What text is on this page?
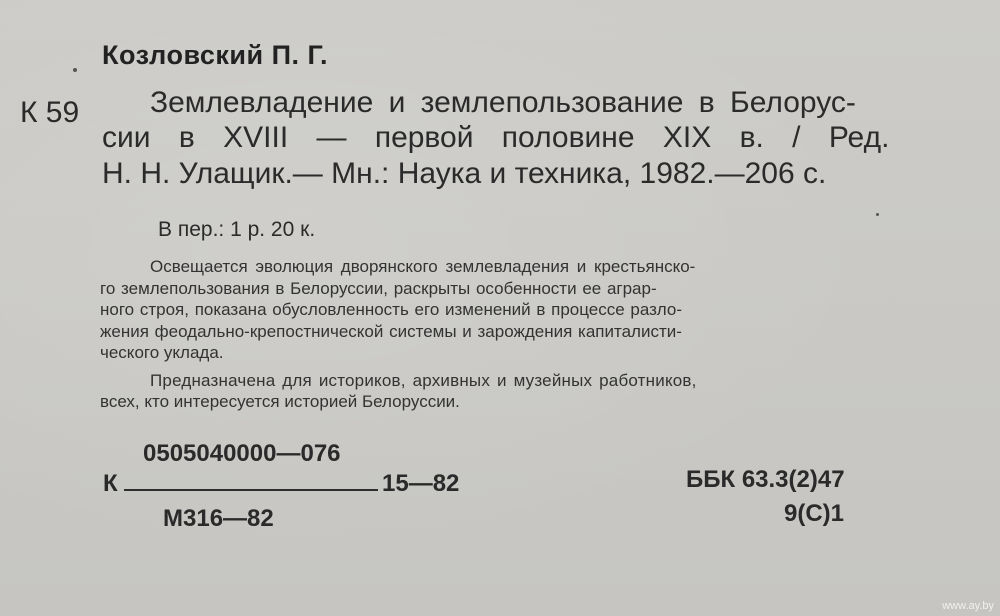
Козловский П. Г.
К 59 Землевладение и землепользование в Белорус-
сии в XVIII — первой половине XIX в. / Ред.
Н. Н. Улащик.— Мн.: Наука и техника, 1982.—206 с.
В пер.: 1 р. 20 к.
Освещается эволюция дворянского землевладения и крестьянско-
го землепользования в Белоруссии, раскрыты особенности ее аграр-
ного строя, показана обусловленность его изменений в процессе разло-
жения феодально-крепостнической системы и зарождения капиталисти-
ческого уклада.
Предназначена для историков, архивных и музейных работников,
всех, кто интересуется историей Белоруссии.
0505040000—076
К	15—82
М316—82
ББК 63.3(2)47
9(С)1
www.ay.by
